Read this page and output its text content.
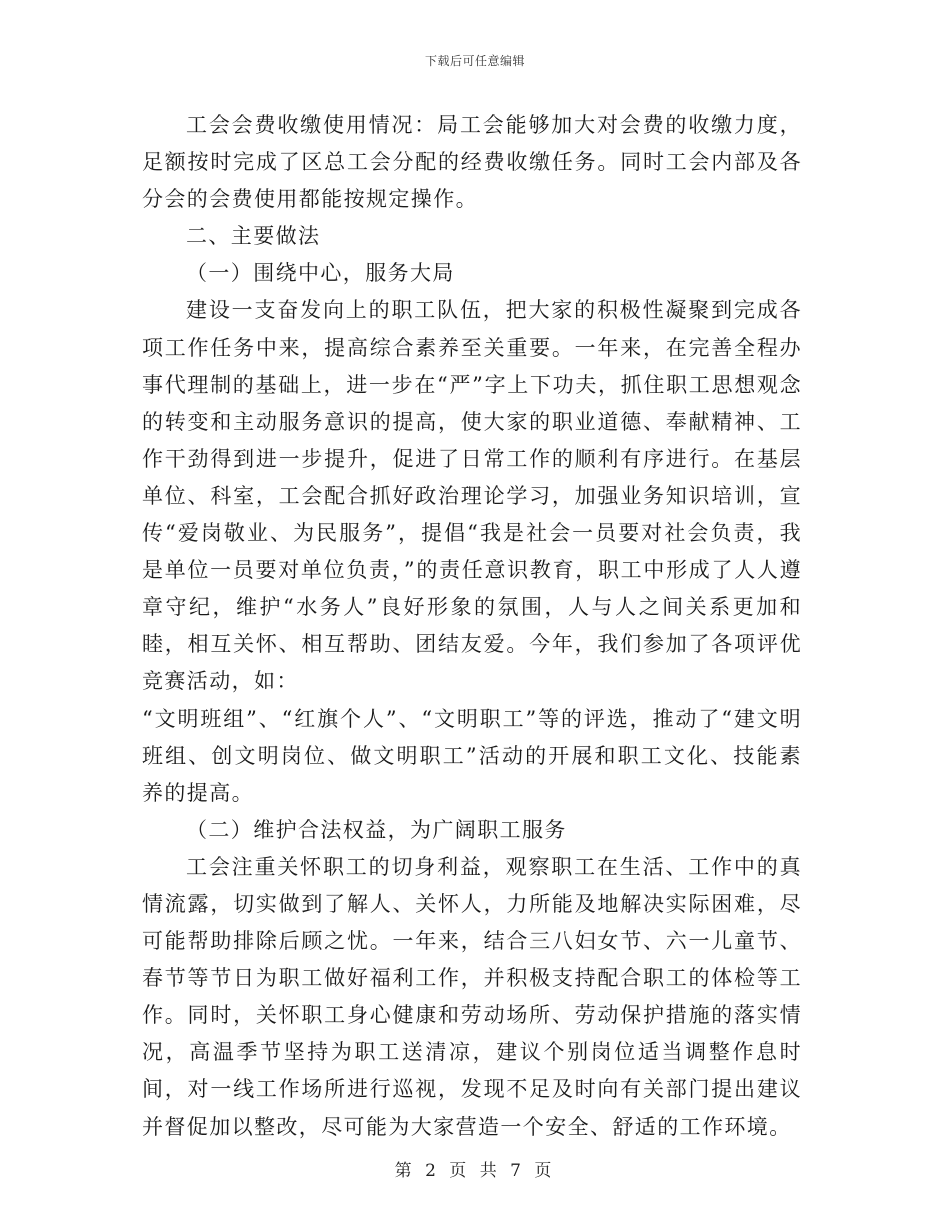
下载后可任意编辑

工会会费收缴使用情况：局工会能够加大对会费的收缴力度，足额按时完成了区总工会分配的经费收缴任务。同时工会内部及各分会的会费使用都能按规定操作。

二、主要做法

（一）围绕中心，服务大局

建设一支奋发向上的职工队伍，把大家的积极性凝聚到完成各项工作任务中来，提高综合素养至关重要。一年来，在完善全程办事代理制的基础上，进一步在“严”字上下功夫，抓住职工思想观念的转变和主动服务意识的提高，使大家的职业道德、奉献精神、工作干劲得到进一步提升，促进了日常工作的顺利有序进行。在基层单位、科室，工会配合抓好政治理论学习，加强业务知识培训，宣传“爱岗敬业、为民服务”，提倡“我是社会一员要对社会负责，我是单位一员要对单位负责，”的责任意识教育，职工中形成了人人遵章守纪，维护“水务人”良好形象的氛围，人与人之间关系更加和睦，相互关怀、相互帮助、团结友爱。今年，我们参加了各项评优竞赛活动，如：

“文明班组”、“红旗个人”、“文明职工”等的评选，推动了“建文明班组、创文明岗位、做文明职工”活动的开展和职工文化、技能素养的提高。

（二）维护合法权益，为广阔职工服务

工会注重关怀职工的切身利益，观察职工在生活、工作中的真情流露，切实做到了解人、关怀人，力所能及地解决实际困难，尽可能帮助排除后顾之忧。一年来，结合三八妇女节、六一儿童节、春节等节日为职工做好福利工作，并积极支持配合职工的体检等工作。同时，关怀职工身心健康和劳动场所、劳动保护措施的落实情况，高温季节坚持为职工送清凉，建议个别岗位适当调整作息时间，对一线工作场所进行巡视，发现不足及时向有关部门提出建议并督促加以整改，尽可能为大家营造一个安全、舒适的工作环境。

第 2 页 共 7 页
